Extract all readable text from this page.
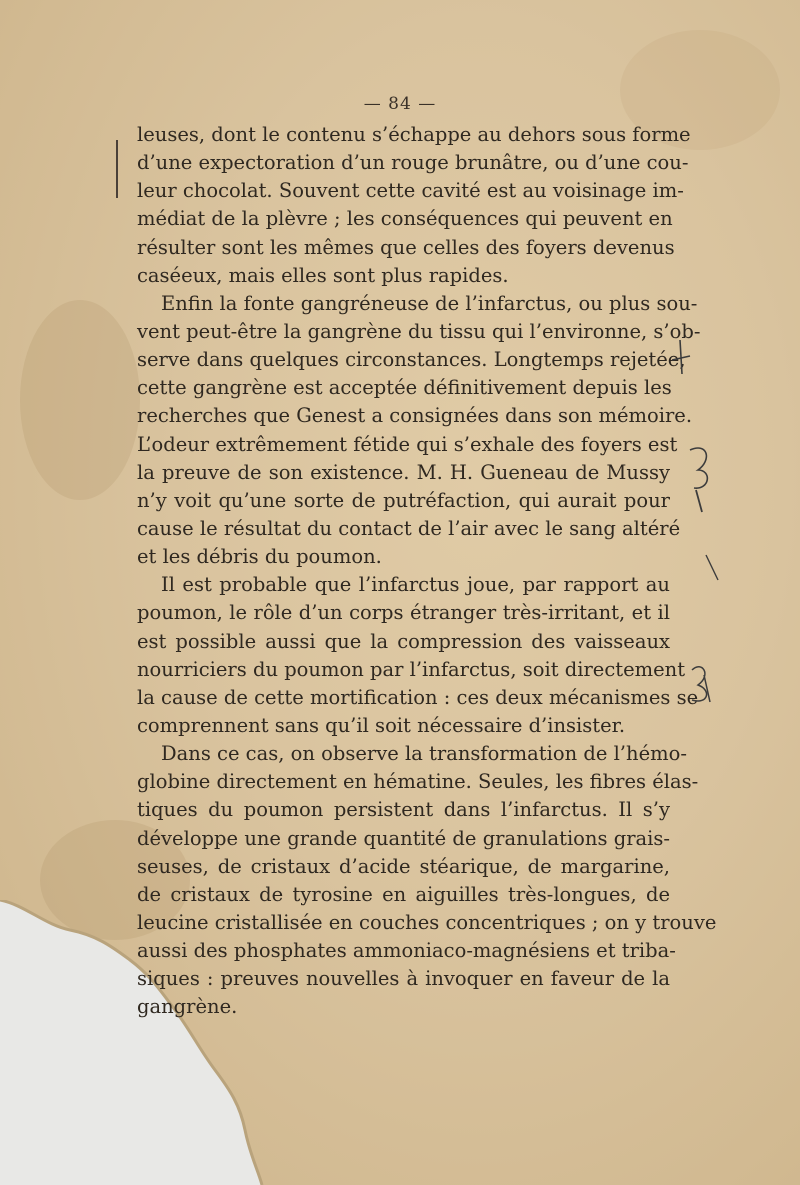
— 84 —
leuses, dont le contenu s’échappe au dehors sous forme
d’une expectoration d’un rouge brunâtre, ou d’une cou-
leur chocolat. Souvent cette cavité est au voisinage im-
médiat de la plèvre ; les conséquences qui peuvent en
résulter sont les mêmes que celles des foyers devenus
caséeux, mais elles sont plus rapides.
Enfin la fonte gangréneuse de l’infarctus, ou plus sou-
vent peut-être la gangrène du tissu qui l’environne, s’ob-
serve dans quelques circonstances. Longtemps rejetée,
cette gangrène est acceptée définitivement depuis les
recherches que Genest a consignées dans son mémoire.
L’odeur extrêmement fétide qui s’exhale des foyers est
la preuve de son existence. M. H. Gueneau de Mussy
n’y voit qu’une sorte de putréfaction, qui aurait pour
cause le résultat du contact de l’air avec le sang altéré
et les débris du poumon.
Il est probable que l’infarctus joue, par rapport au
poumon, le rôle d’un corps étranger très-irritant, et il
est possible aussi que la compression des vaisseaux
nourriciers du poumon par l’infarctus, soit directement
la cause de cette mortification : ces deux mécanismes se
comprennent sans qu’il soit nécessaire d’insister.
Dans ce cas, on observe la transformation de l’hémo-
globine directement en hématine. Seules, les fibres élas-
tiques du poumon persistent dans l’infarctus. Il s’y
développe une grande quantité de granulations grais-
seuses, de cristaux d’acide stéarique, de margarine,
de cristaux de tyrosine en aiguilles très-longues, de
leucine cristallisée en couches concentriques ; on y trouve
aussi des phosphates ammoniaco-magnésiens et triba-
siques : preuves nouvelles à invoquer en faveur de la
gangrène.
